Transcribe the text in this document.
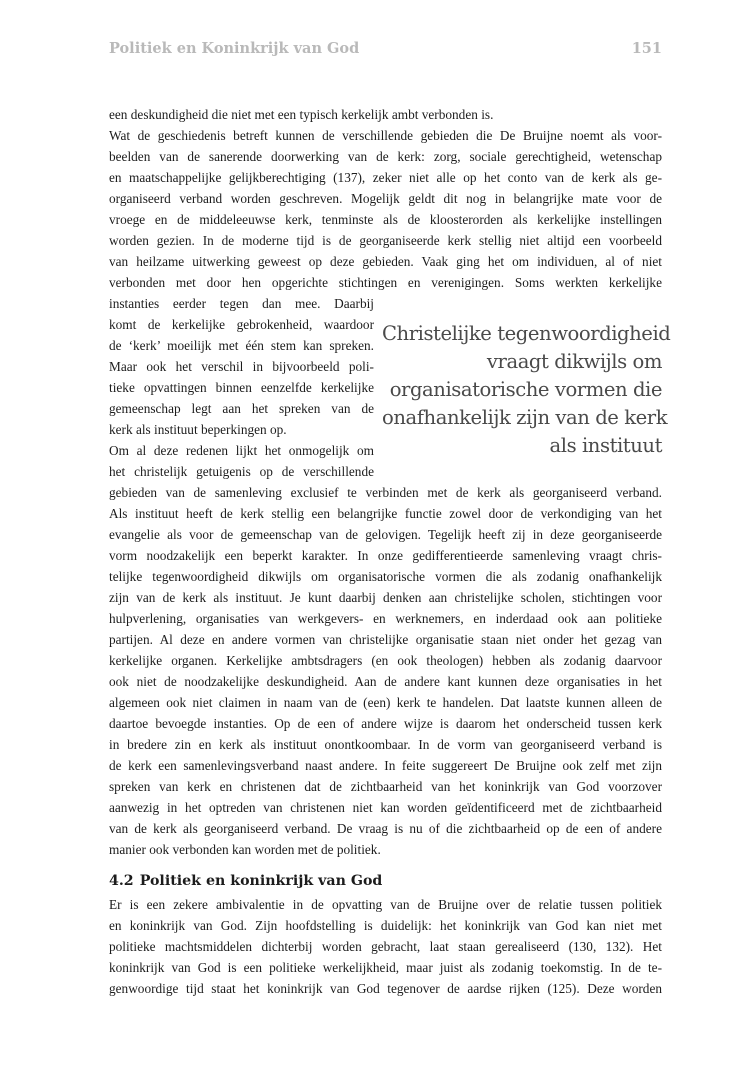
Politiek en Koninkrijk van God	151
een deskundigheid die niet met een typisch kerkelijk ambt verbonden is.
Wat de geschiedenis betreft kunnen de verschillende gebieden die De Bruijne noemt als voor-
beelden van de sanerende doorwerking van de kerk: zorg, sociale gerechtigheid, wetenschap
en maatschappelijke gelijkberechtiging (137), zeker niet alle op het conto van de kerk als ge-
organiseerd verband worden geschreven. Mogelijk geldt dit nog in belangrijke mate voor de
vroege en de middeleeuwse kerk, tenminste als de kloosterorden als kerkelijke instellingen
worden gezien. In de moderne tijd is de georganiseerde kerk stellig niet altijd een voorbeeld
van heilzame uitwerking geweest op deze gebieden. Vaak ging het om individuen, al of niet
verbonden met door hen opgerichte stichtingen en verenigingen. Soms werkten kerkelijke
instanties eerder tegen dan mee. Daarbij
komt de kerkelijke gebrokenheid, waardoor
de ‘kerk’ moeilijk met één stem kan spreken.
Maar ook het verschil in bijvoorbeeld poli-
tieke opvattingen binnen eenzelfde kerkelijke
gemeenschap legt aan het spreken van de
kerk als instituut beperkingen op.
Om al deze redenen lijkt het onmogelijk om
het christelijk getuigenis op de verschillende
Christelijke tegenwoordigheid
vraagt dikwijls om
organisatorische vormen die
onafhankelijk zijn van de kerk
als instituut
gebieden van de samenleving exclusief te verbinden met de kerk als georganiseerd verband.
Als instituut heeft de kerk stellig een belangrijke functie zowel door de verkondiging van het
evangelie als voor de gemeenschap van de gelovigen. Tegelijk heeft zij in deze georganiseerde
vorm noodzakelijk een beperkt karakter. In onze gedifferentieerde samenleving vraagt chris-
telijke tegenwoordigheid dikwijls om organisatorische vormen die als zodanig onafhankelijk
zijn van de kerk als instituut. Je kunt daarbij denken aan christelijke scholen, stichtingen voor
hulpverlening, organisaties van werkgevers- en werknemers, en inderdaad ook aan politieke
partijen. Al deze en andere vormen van christelijke organisatie staan niet onder het gezag van
kerkelijke organen. Kerkelijke ambtsdragers (en ook theologen) hebben als zodanig daarvoor
ook niet de noodzakelijke deskundigheid. Aan de andere kant kunnen deze organisaties in het
algemeen ook niet claimen in naam van de (een) kerk te handelen. Dat laatste kunnen alleen de
daartoe bevoegde instanties. Op de een of andere wijze is daarom het onderscheid tussen kerk
in bredere zin en kerk als instituut onontkoombaar. In de vorm van georganiseerd verband is
de kerk een samenlevingsverband naast andere. In feite suggereert De Bruijne ook zelf met zijn
spreken van kerk en christenen dat de zichtbaarheid van het koninkrijk van God voorzover
aanwezig in het optreden van christenen niet kan worden geïdentificeerd met de zichtbaarheid
van de kerk als georganiseerd verband. De vraag is nu of die zichtbaarheid op de een of andere
manier ook verbonden kan worden met de politiek.
4.2 Politiek en koninkrijk van God
Er is een zekere ambivalentie in de opvatting van de Bruijne over de relatie tussen politiek
en koninkrijk van God. Zijn hoofdstelling is duidelijk: het koninkrijk van God kan niet met
politieke machtsmiddelen dichterbij worden gebracht, laat staan gerealiseerd (130, 132). Het
koninkrijk van God is een politieke werkelijkheid, maar juist als zodanig toekomstig. In de te-
genwoordige tijd staat het koninkrijk van God tegenover de aardse rijken (125). Deze worden
